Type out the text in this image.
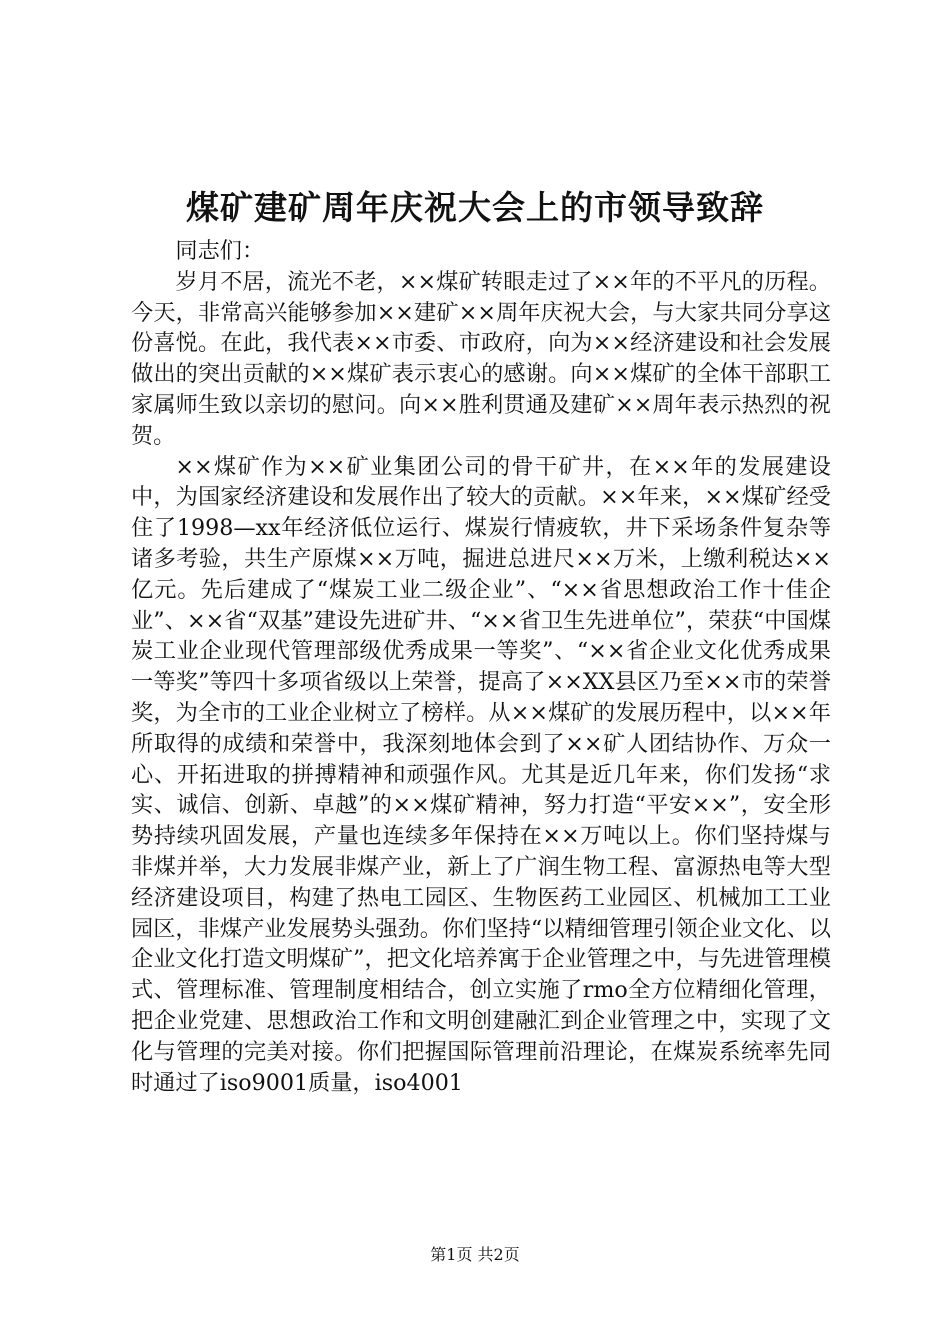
煤矿建矿周年庆祝大会上的市领导致辞

同志们：

岁月不居，流光不老，××煤矿转眼走过了××年的不平凡的历程。今天，非常高兴能够参加××建矿××周年庆祝大会，与大家共同分享这份喜悦。在此，我代表××市委、市政府，向为××经济建设和社会发展做出的突出贡献的××煤矿表示衷心的感谢。向××煤矿的全体干部职工家属师生致以亲切的慰问。向××胜利贯通及建矿××周年表示热烈的祝贺。

××煤矿作为××矿业集团公司的骨干矿井，在××年的发展建设中，为国家经济建设和发展作出了较大的贡献。××年来，××煤矿经受住了1998—xx年经济低位运行、煤炭行情疲软，井下采场条件复杂等诸多考验，共生产原煤××万吨，掘进总进尺××万米，上缴利税达××亿元。先后建成了“煤炭工业二级企业”、“××省思想政治工作十佳企业”、××省“双基”建设先进矿井、“××省卫生先进单位”，荣获“中国煤炭工业企业现代管理部级优秀成果一等奖”、“××省企业文化优秀成果一等奖”等四十多项省级以上荣誉，提高了××XX县区乃至××市的荣誉奖，为全市的工业企业树立了榜样。从××煤矿的发展历程中，以××年所取得的成绩和荣誉中，我深刻地体会到了××矿人团结协作、万众一心、开拓进取的拼搏精神和顽强作风。尤其是近几年来，你们发扬“求实、诚信、创新、卓越”的××煤矿精神，努力打造“平安××”，安全形势持续巩固发展，产量也连续多年保持在××万吨以上。你们坚持煤与非煤并举，大力发展非煤产业，新上了广润生物工程、富源热电等大型经济建设项目，构建了热电工园区、生物医药工业园区、机械加工工业园区，非煤产业发展势头强劲。你们坚持“以精细管理引领企业文化、以企业文化打造文明煤矿”，把文化培养寓于企业管理之中，与先进管理模式、管理标准、管理制度相结合，创立实施了rmo全方位精细化管理，把企业党建、思想政治工作和文明创建融汇到企业管理之中，实现了文化与管理的完美对接。你们把握国际管理前沿理论，在煤炭系统率先同时通过了iso9001质量，iso4001

第1页 共2页
